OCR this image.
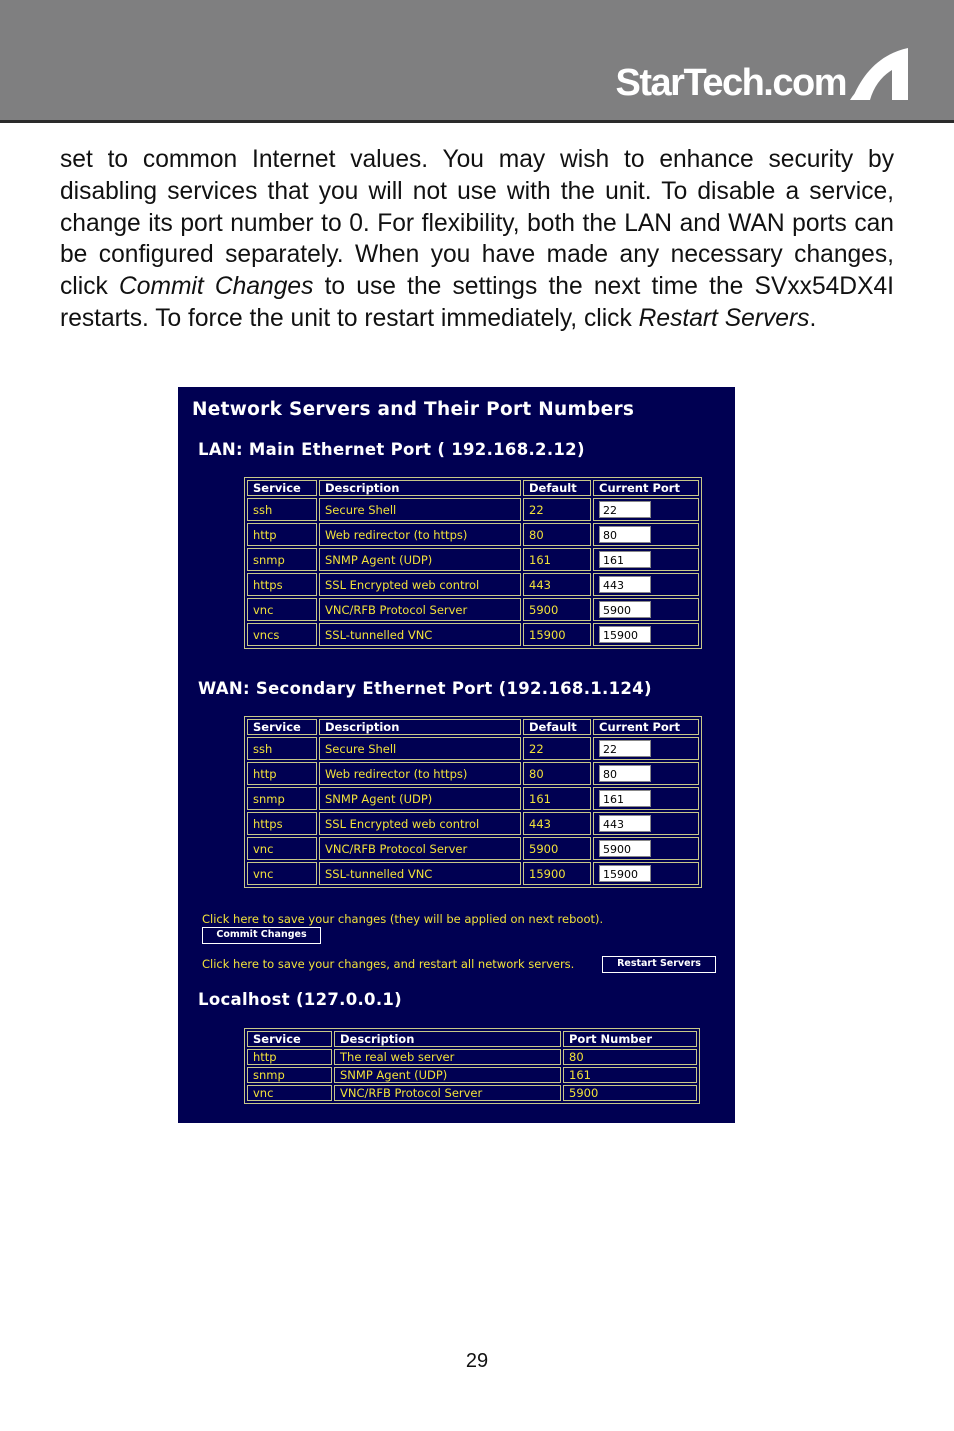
StarTech.com
set to common Internet values. You may wish to enhance security by disabling services that you will not use with the unit. To disable a service, change its port number to 0. For flexibility, both the LAN and WAN ports can be configured separately. When you have made any necessary changes, click Commit Changes to use the settings the next time the SVxx54DX4I restarts. To force the unit to restart immediately, click Restart Servers.
Network Servers and Their Port Numbers
LAN: Main Ethernet Port ( 192.168.2.12)
Service	Description	Default	Current Port
ssh	Secure Shell	22	22
http	Web redirector (to https)	80	80
snmp	SNMP Agent (UDP)	161	161
https	SSL Encrypted web control	443	443
vnc	VNC/RFB Protocol Server	5900	5900
vncs	SSL-tunnelled VNC	15900	15900
WAN: Secondary Ethernet Port (192.168.1.124)
Service	Description	Default	Current Port
ssh	Secure Shell	22	22
http	Web redirector (to https)	80	80
snmp	SNMP Agent (UDP)	161	161
https	SSL Encrypted web control	443	443
vnc	VNC/RFB Protocol Server	5900	5900
vnc	SSL-tunnelled VNC	15900	15900
Click here to save your changes (they will be applied on next reboot).
Commit Changes
Click here to save your changes, and restart all network servers.	Restart Servers
Localhost (127.0.0.1)
Service	Description	Port Number
http	The real web server	80
snmp	SNMP Agent (UDP)	161
vnc	VNC/RFB Protocol Server	5900
29
